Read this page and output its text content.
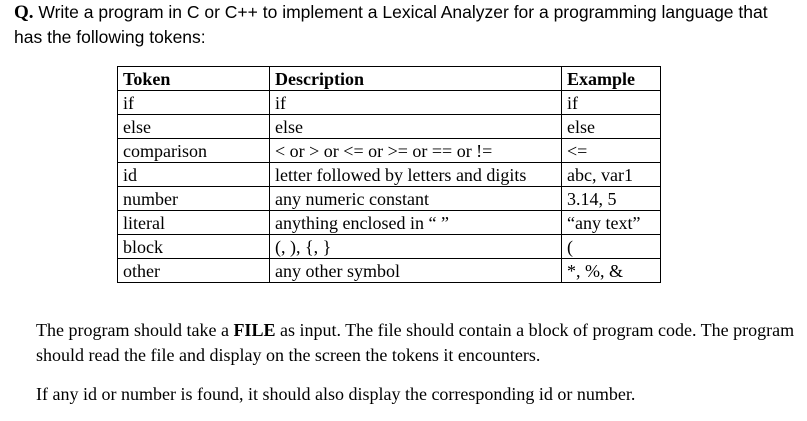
Q. Write a program in C or C++ to implement a Lexical Analyzer for a programming language that has the following tokens:
Token	Description	Example
if	if	if
else	else	else
comparison	< or > or <= or >= or == or !=	<=
id	letter followed by letters and digits	abc, var1
number	any numeric constant	3.14, 5
literal	anything enclosed in “ ”	“any text”
block	(, ), {, }	(
other	any other symbol	*, %, &
The program should take a FILE as input. The file should contain a block of program code. The program should read the file and display on the screen the tokens it encounters.
If any id or number is found, it should also display the corresponding id or number.
